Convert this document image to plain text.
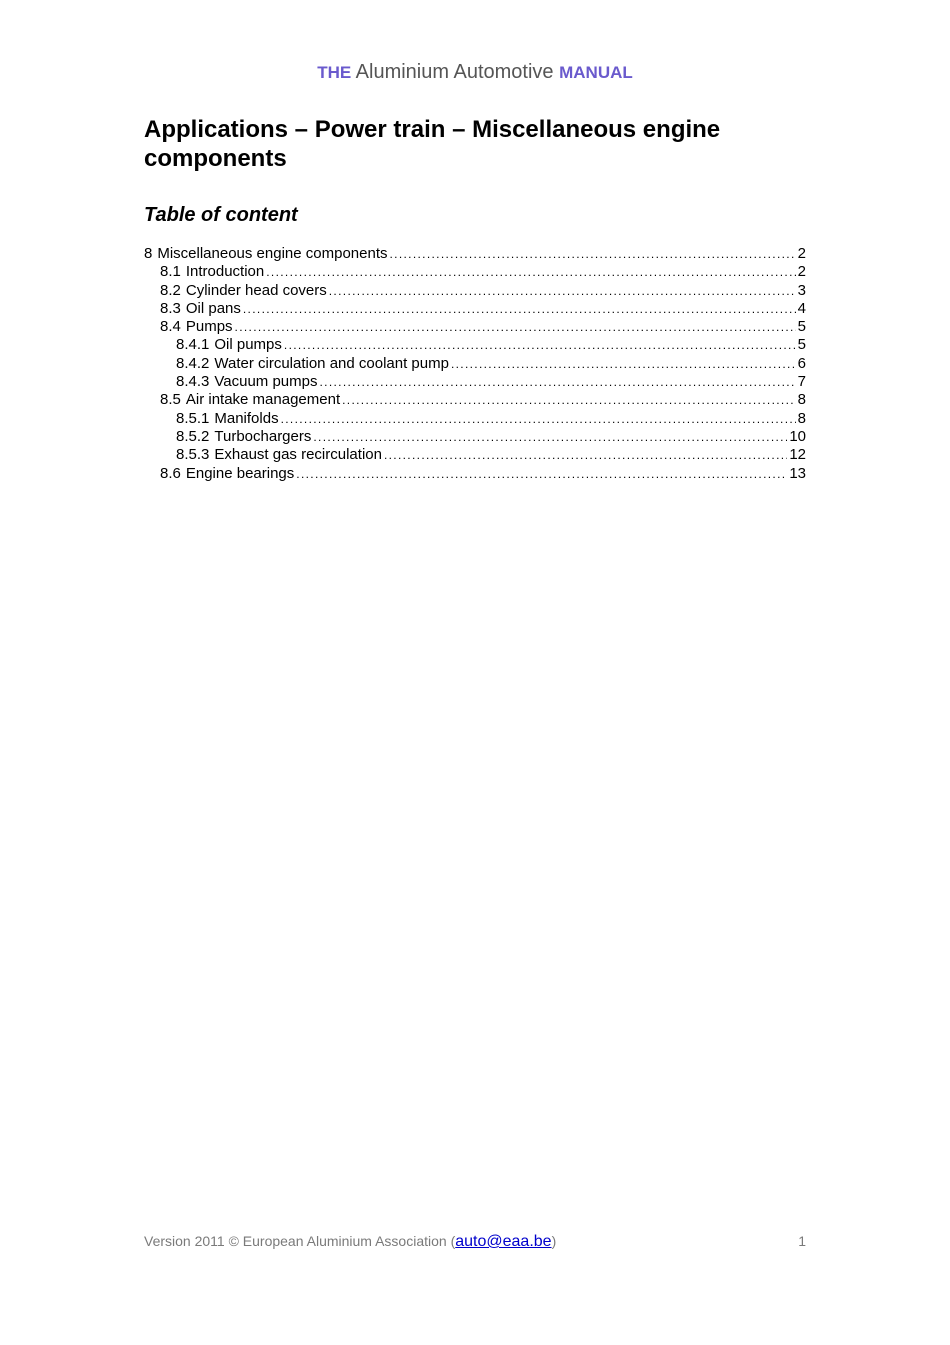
THE Aluminium Automotive MANUAL
Applications – Power train – Miscellaneous engine components
Table of content
8 Miscellaneous engine components . . .	2
8.1 Introduction . . .	2
8.2 Cylinder head covers . . .	3
8.3 Oil pans . . .	4
8.4 Pumps . . .	5
8.4.1 Oil pumps . . .	5
8.4.2 Water circulation and coolant pump . . .	6
8.4.3 Vacuum pumps . . .	7
8.5 Air intake management . . .	8
8.5.1 Manifolds . . .	8
8.5.2 Turbochargers . . .	10
8.5.3 Exhaust gas recirculation . . .	12
8.6 Engine bearings . . .	13
Version 2011 © European Aluminium Association (auto@eaa.be)	1
